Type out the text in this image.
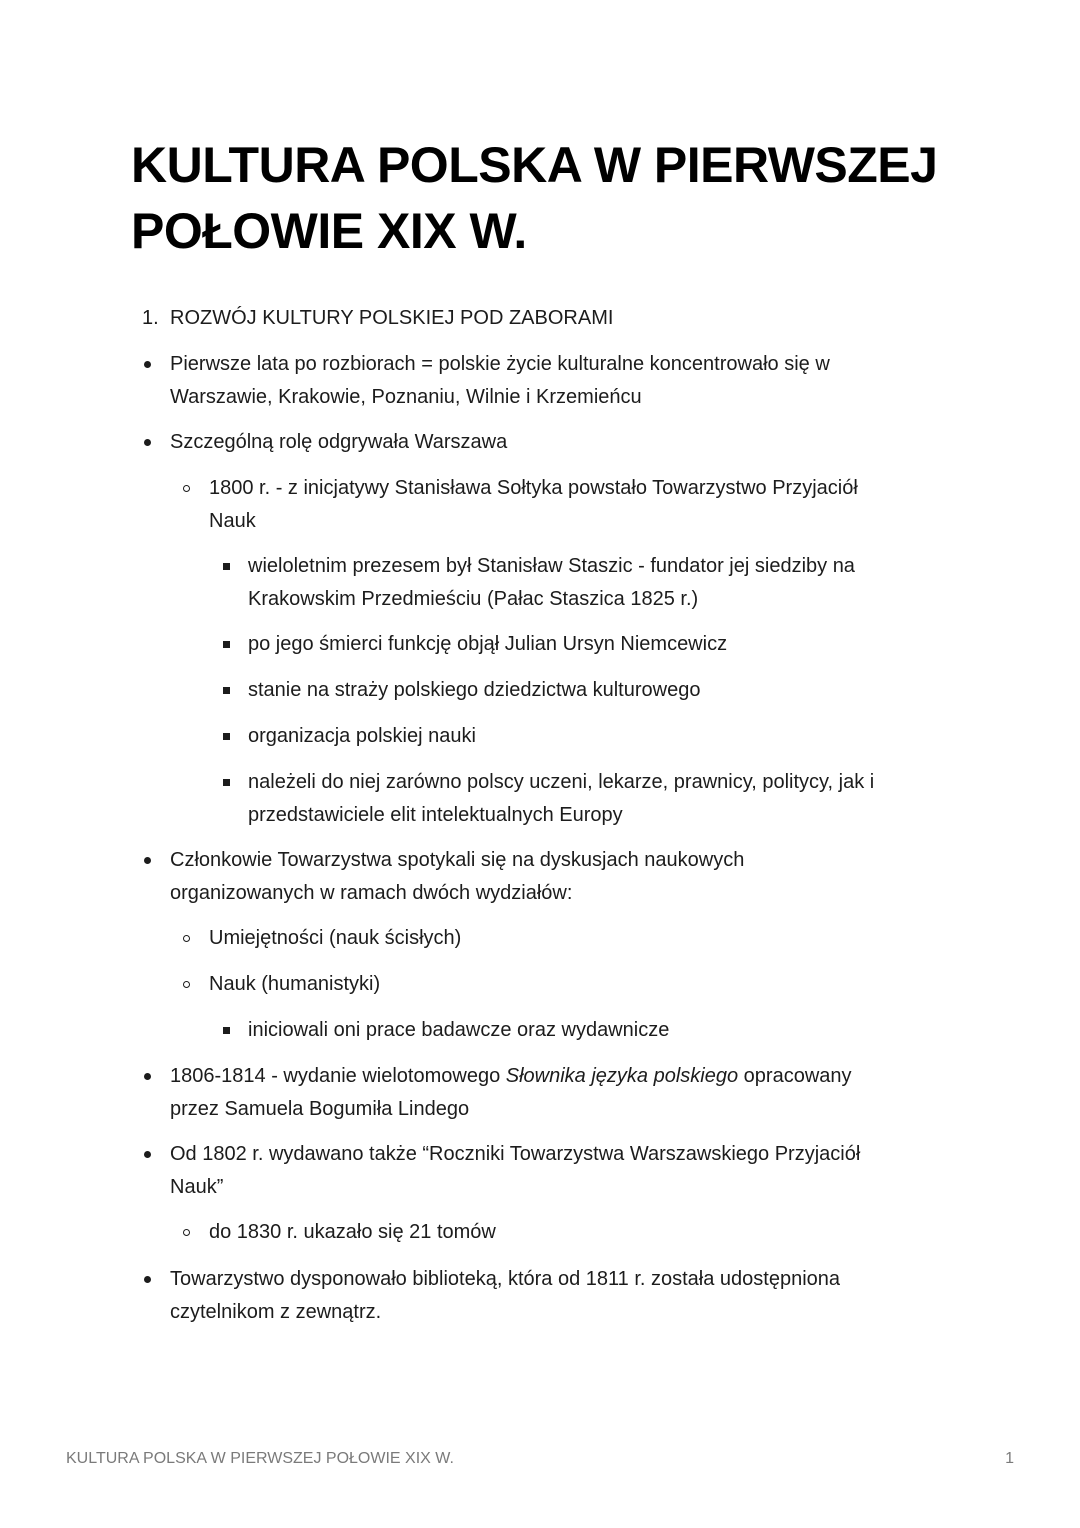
KULTURA POLSKA W PIERWSZEJ POŁOWIE XIX W.
1. ROZWÓJ KULTURY POLSKIEJ POD ZABORAMI
Pierwsze lata po rozbiorach = polskie życie kulturalne koncentrowało się w
Warszawie, Krakowie, Poznaniu, Wilnie i Krzemieńcu
Szczególną rolę odgrywała Warszawa
1800 r. - z inicjatywy Stanisława Sołtyka powstało Towarzystwo Przyjaciół
Nauk
wieloletnim prezesem był Stanisław Staszic - fundator jej siedziby na
Krakowskim Przedmieściu (Pałac Staszica 1825 r.)
po jego śmierci funkcję objął Julian Ursyn Niemcewicz
stanie na straży polskiego dziedzictwa kulturowego
organizacja polskiej nauki
należeli do niej zarówno polscy uczeni, lekarze, prawnicy, politycy, jak i
przedstawiciele elit intelektualnych Europy
Członkowie Towarzystwa spotykali się na dyskusjach naukowych
organizowanych w ramach dwóch wydziałów:
Umiejętności (nauk ścisłych)
Nauk (humanistyki)
iniciowali oni prace badawcze oraz wydawnicze
1806-1814 - wydanie wielotomowego Słownika języka polskiego opracowany
przez Samuela Bogumiła Lindego
Od 1802 r. wydawano także “Roczniki Towarzystwa Warszawskiego Przyjaciół
Nauk”
do 1830 r. ukazało się 21 tomów
Towarzystwo dysponowało biblioteką, która od 1811 r. została udostępniona
czytelnikom z zewnątrz.
KULTURA POLSKA W PIERWSZEJ POŁOWIE XIX W.	1
